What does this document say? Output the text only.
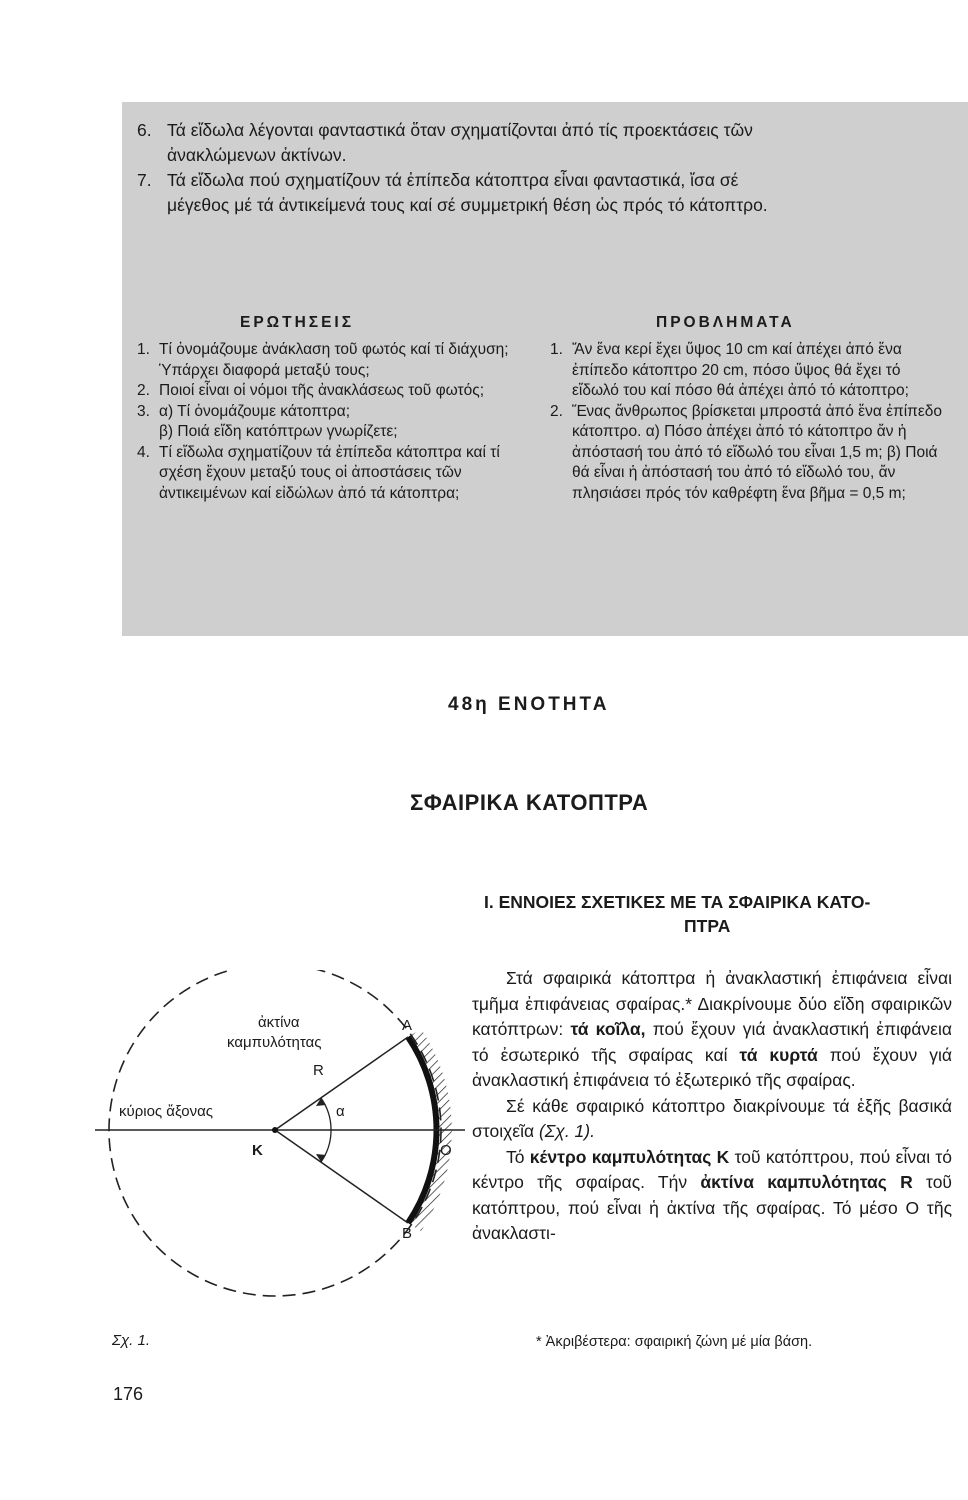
6. Τά εἴδωλα λέγονται φανταστικά ὅταν σχηματίζονται ἀπό τίς προεκτάσεις τῶν
ἀνακλώμενων ἀκτίνων.

7. Τά εἴδωλα πού σχηματίζουν τά ἐπίπεδα κάτοπτρα εἶναι φανταστικά, ἴσα σέ
μέγεθος μέ τά ἀντικείμενά τους καί σέ συμμετρική θέση ὡς πρός τό κάτοπτρο.

ΕΡΩΤΗΣΕΙΣ	ΠΡΟΒΛΗΜΑΤΑ
1. Τί ὀνομάζουμε ἀνάκλαση τοῦ φωτός καί τί διάχυση; Ὑπάρχει διαφορά μεταξύ τους;
2. Ποιοί εἶναι οἱ νόμοι τῆς ἀνακλάσεως τοῦ φωτός;
3. α) Τί ὀνομάζουμε κάτοπτρα;
β) Ποιά εἴδη κατόπτρων γνωρίζετε;
4. Τί εἴδωλα σχηματίζουν τά ἐπίπεδα κάτοπτρα καί τί σχέση ἔχουν μεταξύ τους οἱ ἀποστάσεις τῶν ἀντικειμένων καί εἰδώλων ἀπό τά κάτοπτρα;
1. Ἄν ἕνα κερί ἔχει ὕψος 10 cm καί ἀπέχει ἀπό ἕνα ἐπίπεδο κάτοπτρο 20 cm, πόσο ὕψος θά ἔχει τό εἴδωλό του καί πόσο θά ἀπέχει ἀπό τό κάτοπτρο;
2. Ἕνας ἄνθρωπος βρίσκεται μπροστά ἀπό ἕνα ἐπίπεδο κάτοπτρο. α) Πόσο ἀπέχει ἀπό τό κάτοπτρο ἄν ἡ ἀπόστασή του ἀπό τό εἴδωλό του εἶναι 1,5 m; β) Ποιά θά εἶναι ἡ ἀπόστασή του ἀπό τό εἴδωλό του, ἄν πλησιάσει πρός τόν καθρέφτη ἕνα βῆμα = 0,5 m;
48η ΕΝΟΤΗΤΑ
ΣΦΑΙΡΙΚΑ ΚΑΤΟΠΤΡΑ
Ι. ΕΝΝΟΙΕΣ ΣΧΕΤΙΚΕΣ ΜΕ ΤΑ ΣΦΑΙΡΙΚΑ ΚΑΤΟ-
ΠΤΡΑ

Στά σφαιρικά κάτοπτρα ἡ ἀνακλαστική ἐπιφάνεια εἶναι τμῆμα ἐπιφάνειας σφαίρας.* Διακρίνουμε δύο εἴδη σφαιρικῶν κατόπτρων: τά κοῖλα, πού ἔχουν γιά ἀνακλαστική ἐπιφάνεια τό ἐσωτερικό τῆς σφαίρας καί τά κυρτά πού ἔχουν γιά ἀνακλαστική ἐπιφάνεια τό ἐξωτερικό τῆς σφαίρας.

Σέ κάθε σφαιρικό κάτοπτρο διακρίνουμε τά ἑξῆς βασικά στοιχεῖα (Σχ. 1).

Τό κέντρο καμπυλότητας Κ τοῦ κατόπτρου, πού εἶναι τό κέντρο τῆς σφαίρας. Τήν ἀκτίνα καμπυλότητας R τοῦ κατόπτρου, πού εἶναι ἡ ἀκτίνα τῆς σφαίρας. Τό μέσο Ο τῆς ἀνακλαστι-

* Ἀκριβέστερα: σφαιρική ζώνη μέ μία βάση.

ἀκτίνα
καμπυλότητας
κύριος ἄξονας
R
α
Κ
Α
Β
Ο

Σχ. 1.

176
